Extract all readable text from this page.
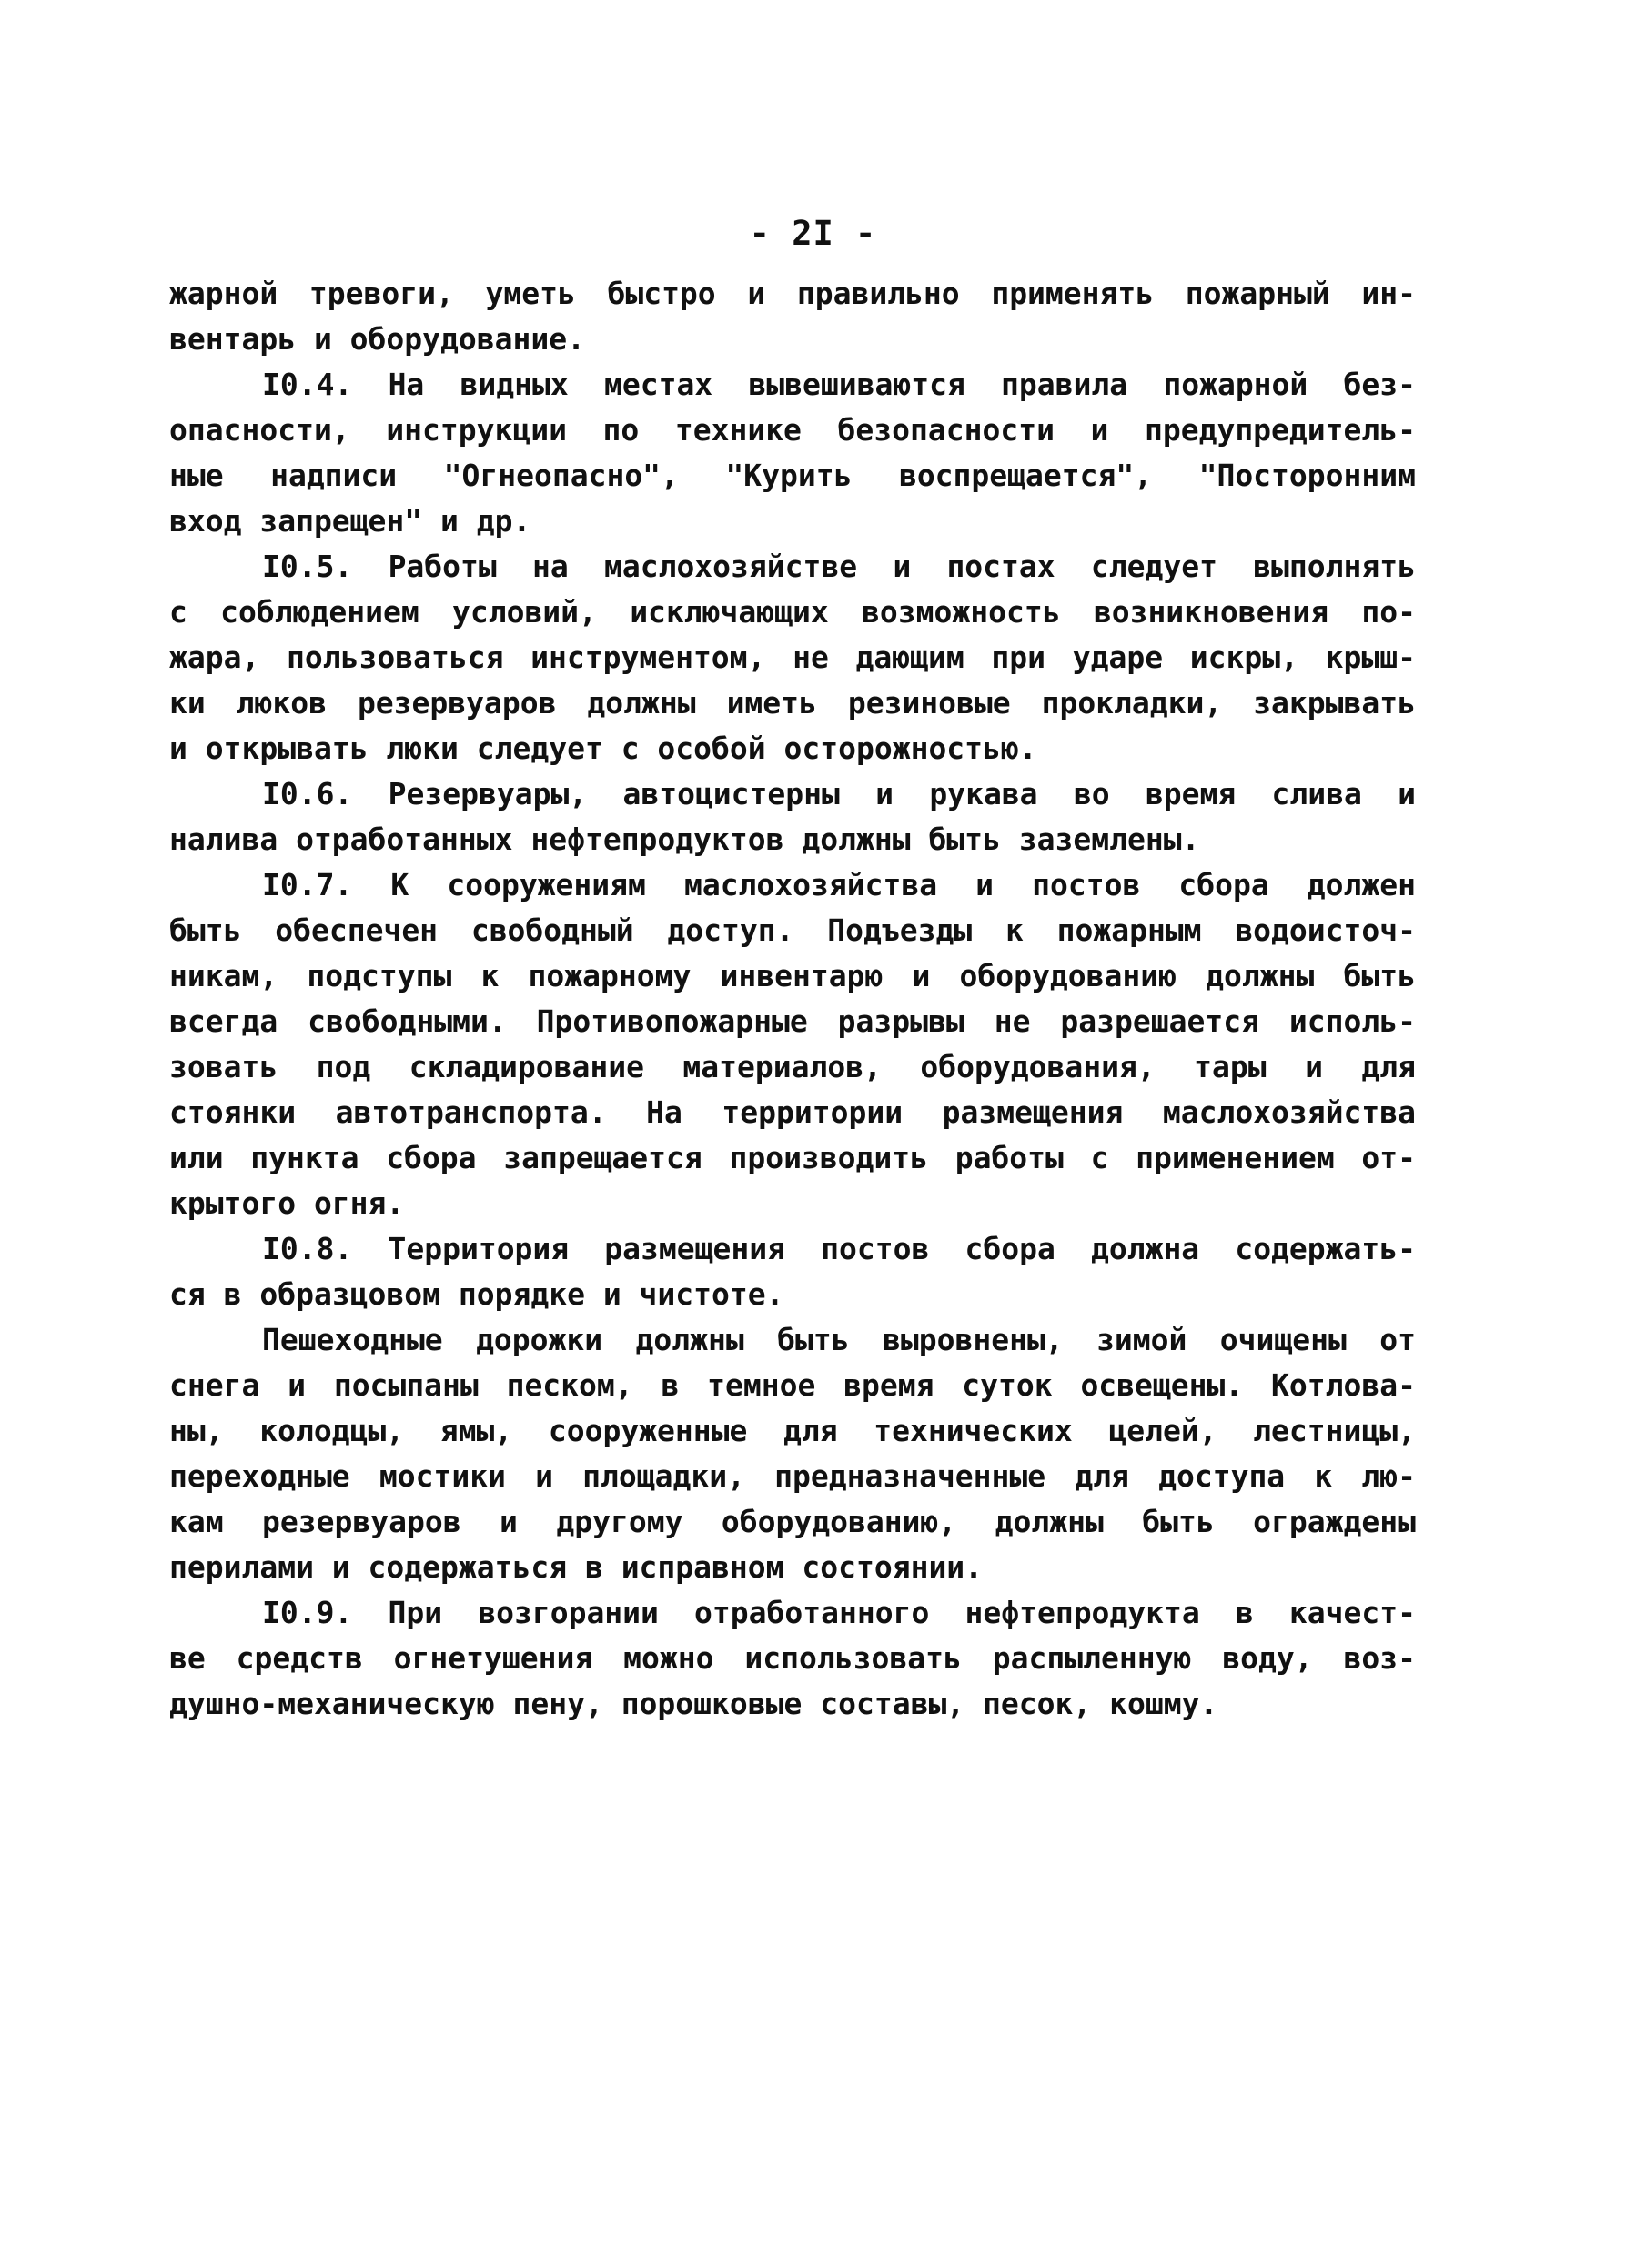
- 2I -
жарной тревоги, уметь быстро и правильно применять пожарный ин-
вентарь и оборудование.
I0.4. На видных местах вывешиваются правила пожарной без-
опасности, инструкции по технике безопасности и предупредитель-
ные надписи "Огнеопасно", "Курить воспрещается", "Посторонним
вход запрещен" и др.
I0.5. Работы на маслохозяйстве и постах следует выполнять
с соблюдением условий, исключающих возможность возникновения по-
жара, пользоваться инструментом, не дающим при ударе искры, крыш-
ки люков резервуаров должны иметь резиновые прокладки, закрывать
и открывать люки следует с особой осторожностью.
I0.6. Резервуары, автоцистерны и рукава во время слива и
налива отработанных нефтепродуктов должны быть заземлены.
I0.7. К сооружениям маслохозяйства и постов сбора должен
быть обеспечен свободный доступ. Подъезды к пожарным водоисточ-
никам, подступы к пожарному инвентарю и оборудованию должны быть
всегда свободными. Противопожарные разрывы не разрешается исполь-
зовать под складирование материалов, оборудования, тары и для
стоянки автотранспорта. На территории размещения маслохозяйства
или пункта сбора запрещается производить работы с применением от-
крытого огня.
I0.8. Территория размещения постов сбора должна содержать-
ся в образцовом порядке и чистоте.
Пешеходные дорожки должны быть выровнены, зимой очищены от
снега и посыпаны песком, в темное время суток освещены. Котлова-
ны, колодцы, ямы, сооруженные для технических целей, лестницы,
переходные мостики и площадки, предназначенные для доступа к лю-
кам резервуаров и другому оборудованию, должны быть ограждены
перилами и содержаться в исправном состоянии.
I0.9. При возгорании отработанного нефтепродукта в качест-
ве средств огнетушения можно использовать распыленную воду, воз-
душно-механическую пену, порошковые составы, песок, кошму.
